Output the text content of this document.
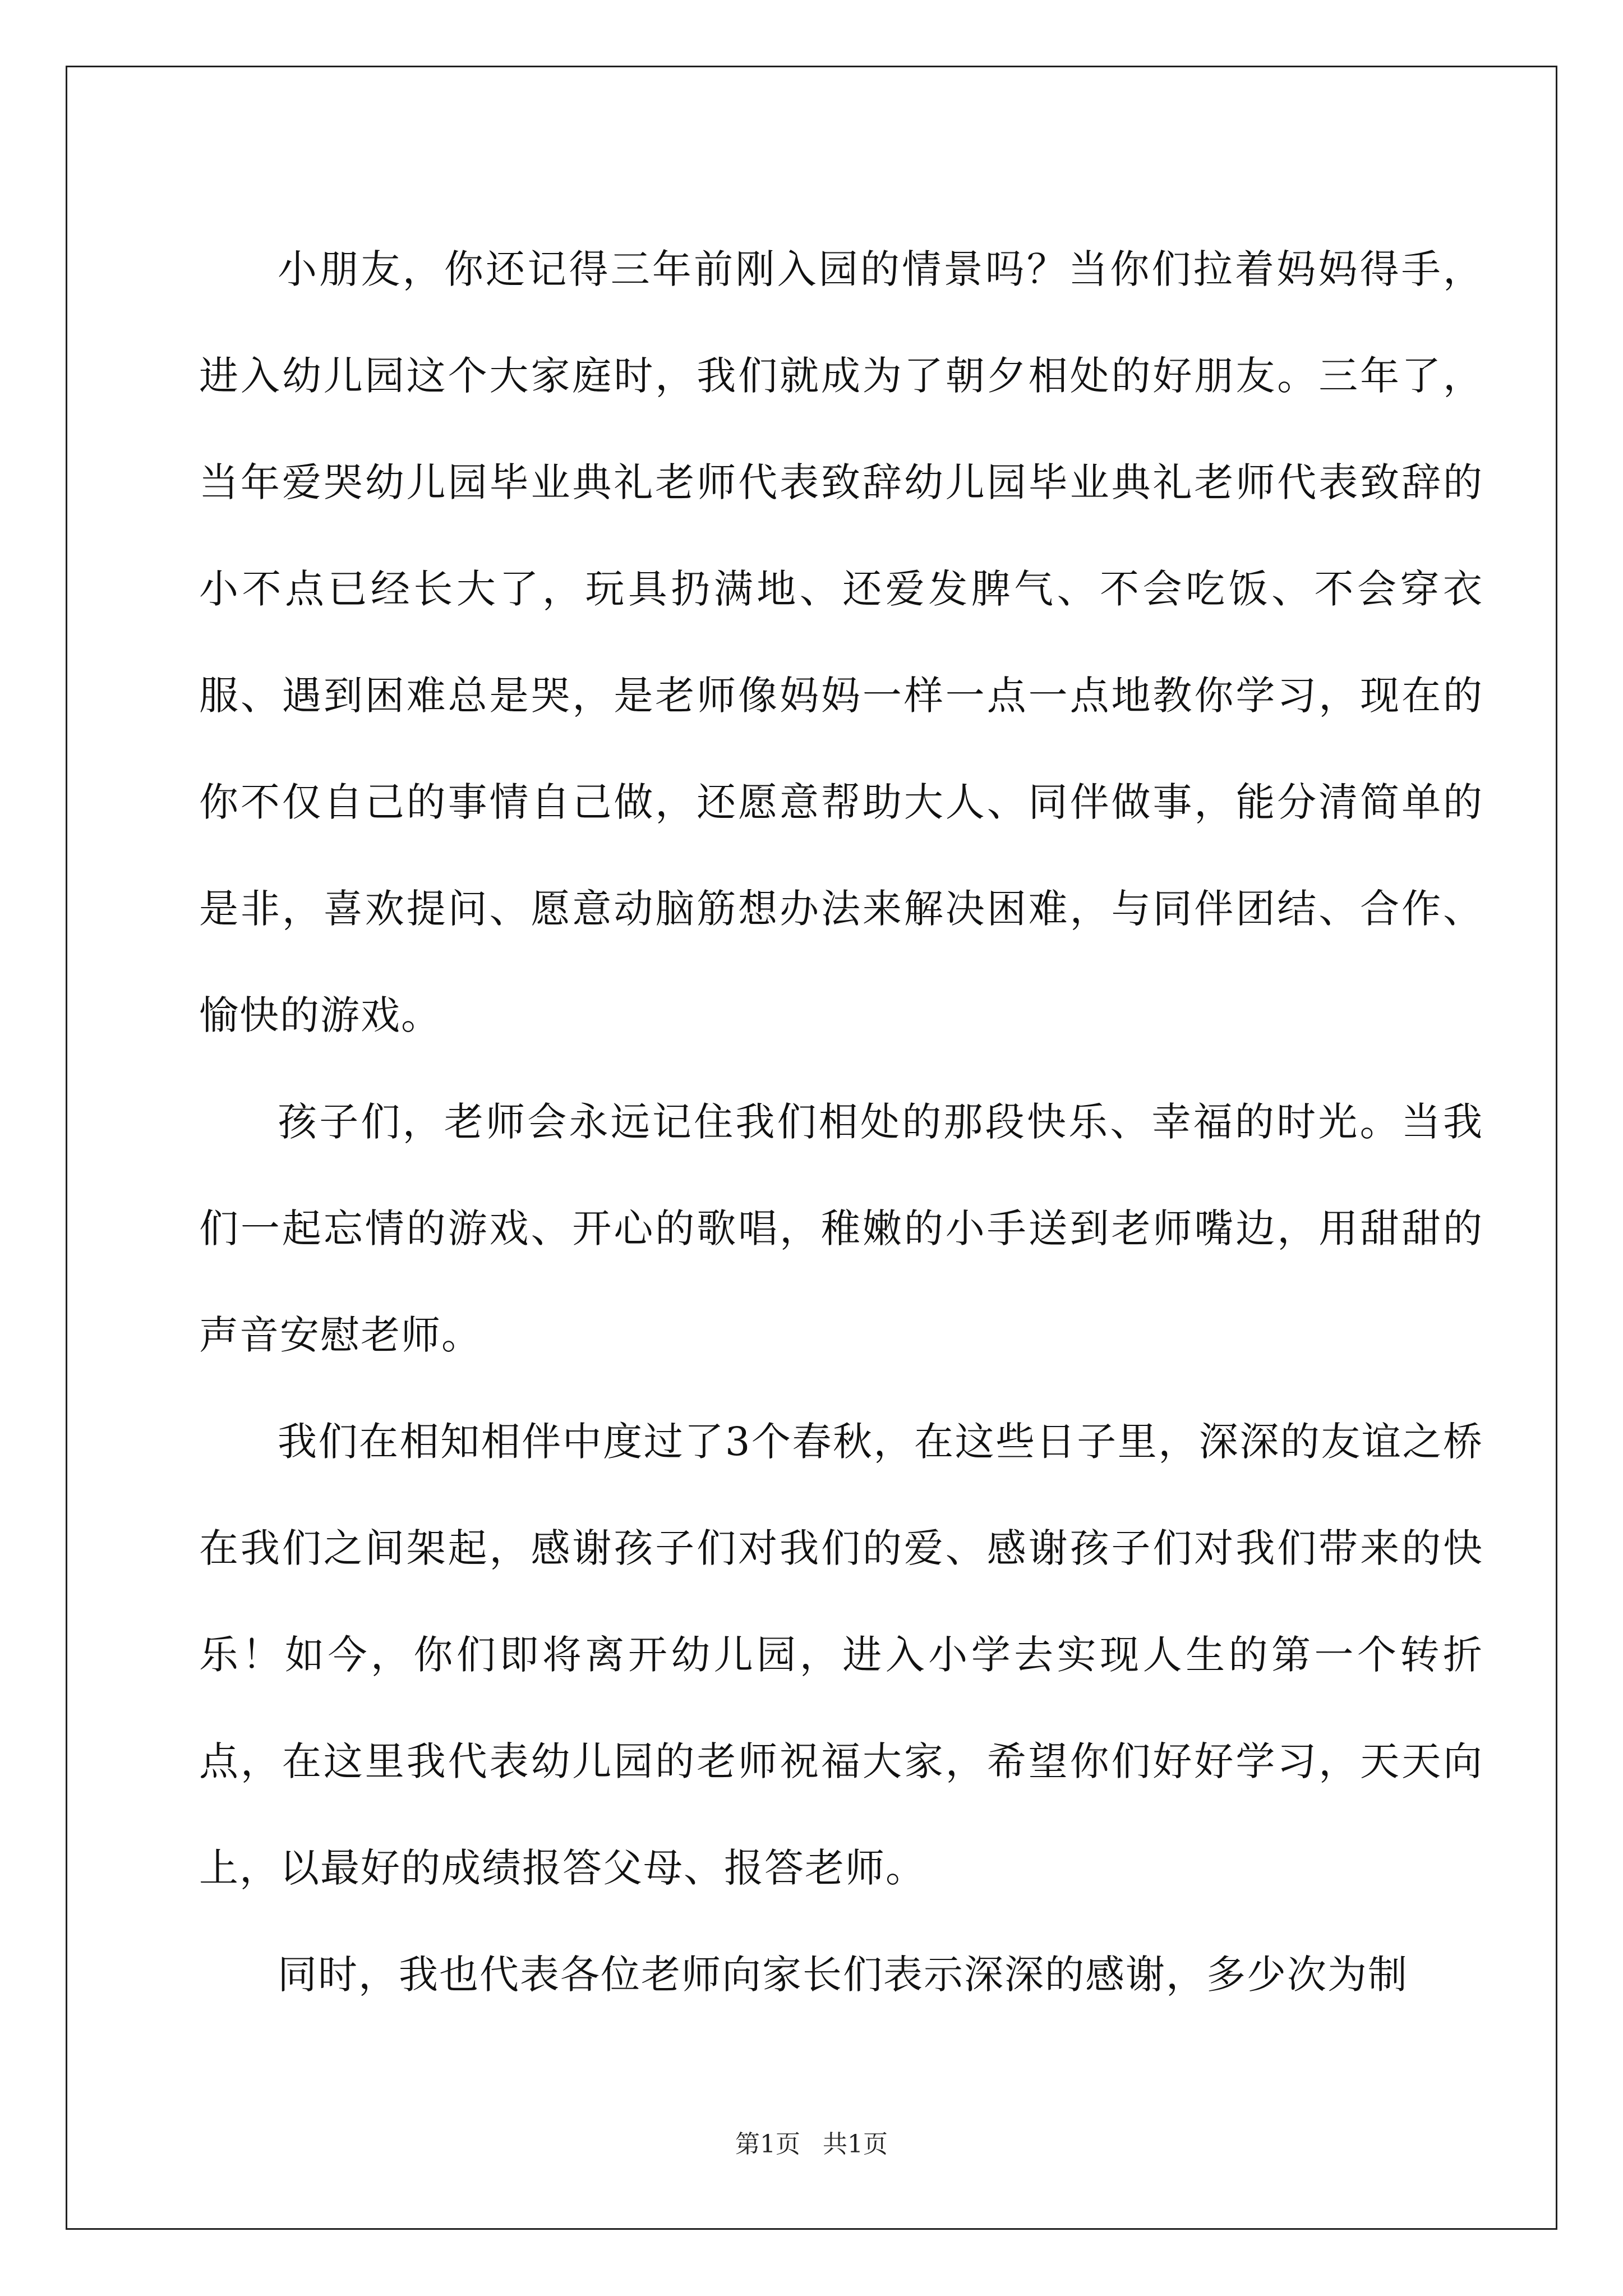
小朋友，你还记得三年前刚入园的情景吗？当你们拉着妈妈得手，进入幼儿园这个大家庭时，我们就成为了朝夕相处的好朋友。三年了，当年爱哭幼儿园毕业典礼老师代表致辞幼儿园毕业典礼老师代表致辞的小不点已经长大了，玩具扔满地、还爱发脾气、不会吃饭、不会穿衣服、遇到困难总是哭，是老师像妈妈一样一点一点地教你学习，现在的你不仅自己的事情自己做，还愿意帮助大人、同伴做事，能分清简单的是非，喜欢提问、愿意动脑筋想办法来解决困难，与同伴团结、合作、愉快的游戏。

孩子们，老师会永远记住我们相处的那段快乐、幸福的时光。当我们一起忘情的游戏、开心的歌唱，稚嫩的小手送到老师嘴边，用甜甜的声音安慰老师。

我们在相知相伴中度过了3个春秋，在这些日子里，深深的友谊之桥在我们之间架起，感谢孩子们对我们的爱、感谢孩子们对我们带来的快乐！如今，你们即将离开幼儿园，进入小学去实现人生的第一个转折点，在这里我代表幼儿园的老师祝福大家，希望你们好好学习，天天向上，以最好的成绩报答父母、报答老师。

同时，我也代表各位老师向家长们表示深深的感谢，多少次为制

第1页 共1页
